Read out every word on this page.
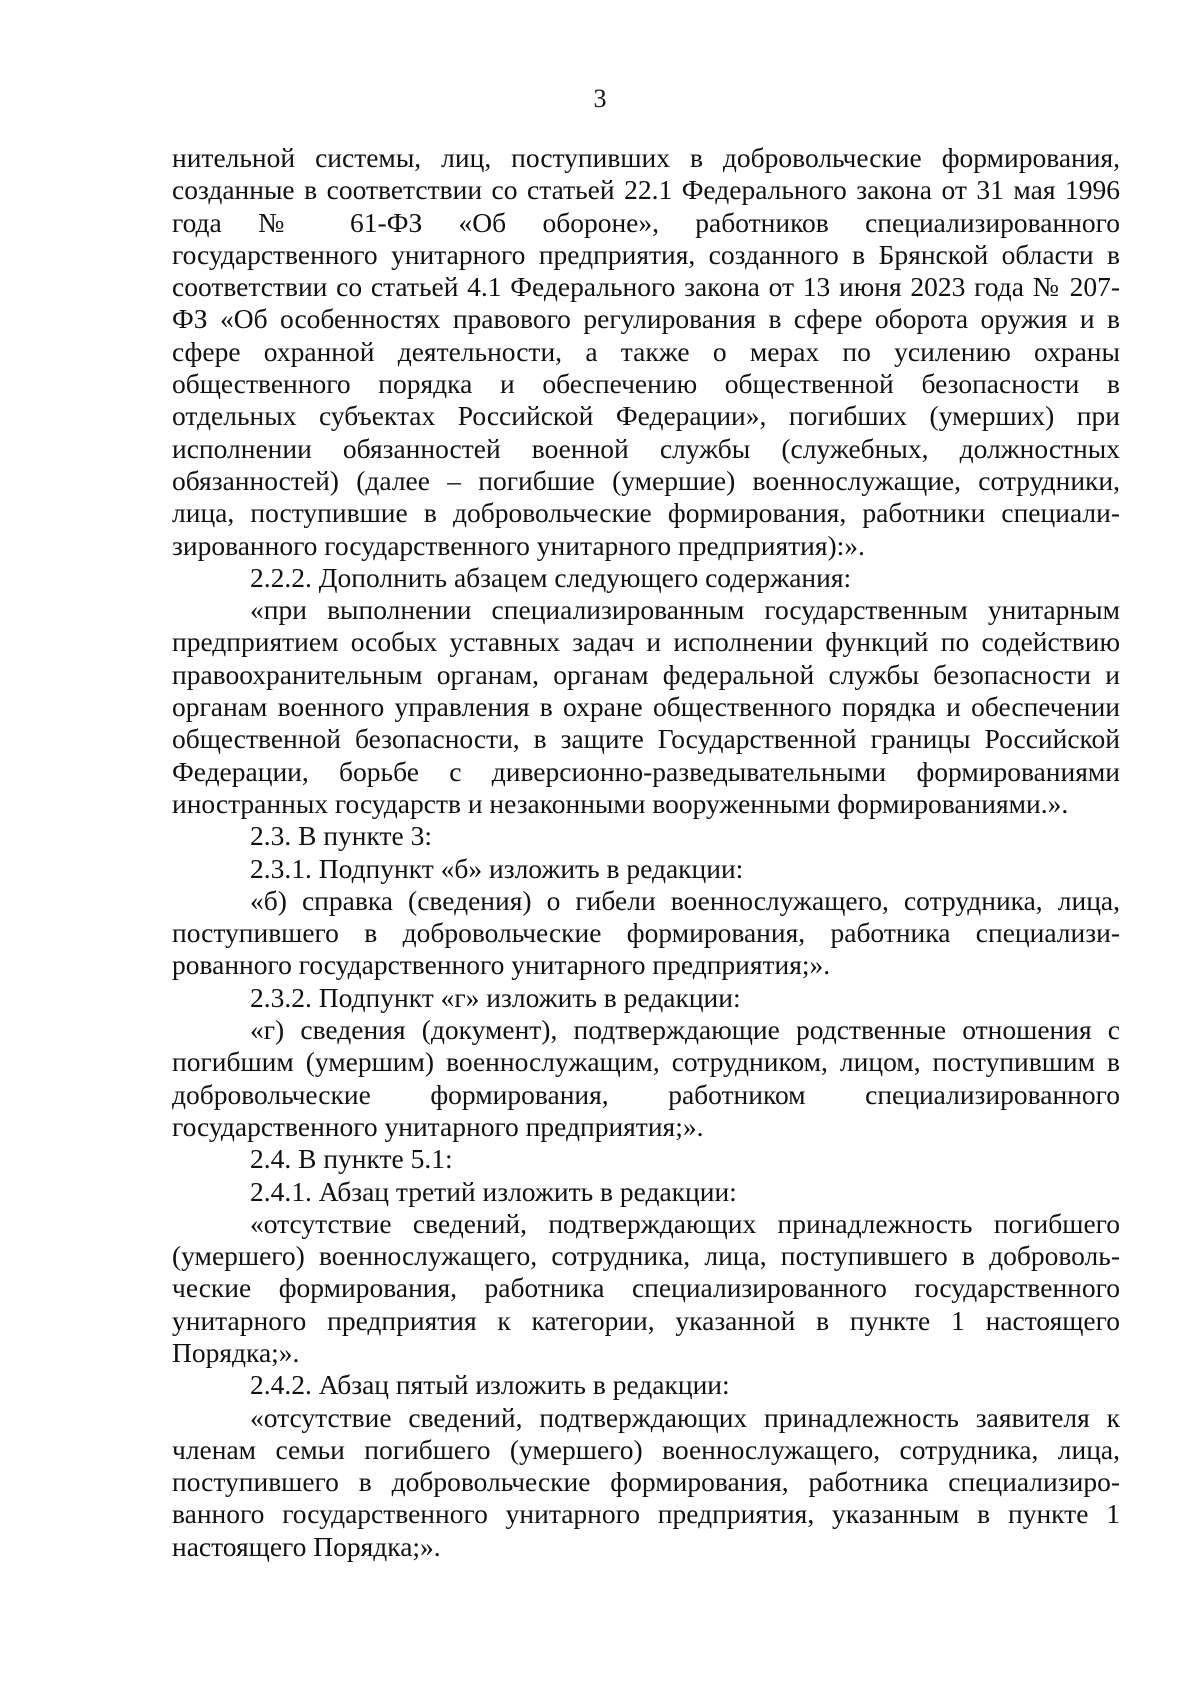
3

нительной системы, лиц, поступивших в добровольческие формирования, созданные в соответствии со статьей 22.1 Федерального закона от 31 мая 1996 года № 61-ФЗ «Об обороне», работников специализированного государственного унитарного предприятия, созданного в Брянской области в соответствии со статьей 4.1 Федерального закона от 13 июня 2023 года № 207-ФЗ «Об особенностях правового регулирования в сфере оборота оружия и в сфере охранной деятельности, а также о мерах по усилению охраны общественного порядка и обеспечению общественной безопасности в отдельных субъектах Российской Федерации», погибших (умерших) при исполнении обязанностей военной службы (служебных, должностных обязанностей) (далее – погибшие (умершие) военнослужащие, сотрудники, лица, поступившие в добровольческие формирования, работники специализированного государственного унитарного предприятия):».

2.2.2. Дополнить абзацем следующего содержания:

«при выполнении специализированным государственным унитарным предприятием особых уставных задач и исполнении функций по содействию правоохранительным органам, органам федеральной службы безопасности и органам военного управления в охране общественного порядка и обеспечении общественной безопасности, в защите Государственной границы Российской Федерации, борьбе с диверсионно-разведывательными формированиями иностранных государств и незаконными вооруженными формированиями.».

2.3. В пункте 3:

2.3.1. Подпункт «б» изложить в редакции:

«б) справка (сведения) о гибели военнослужащего, сотрудника, лица, поступившего в добровольческие формирования, работника специализированного государственного унитарного предприятия;».

2.3.2. Подпункт «г» изложить в редакции:

«г) сведения (документ), подтверждающие родственные отношения с погибшим (умершим) военнослужащим, сотрудником, лицом, поступившим в добровольческие формирования, работником специализированного государственного унитарного предприятия;».

2.4. В пункте 5.1:

2.4.1. Абзац третий изложить в редакции:

«отсутствие сведений, подтверждающих принадлежность погибшего (умершего) военнослужащего, сотрудника, лица, поступившего в добровольческие формирования, работника специализированного государственного унитарного предприятия к категории, указанной в пункте 1 настоящего Порядка;».

2.4.2. Абзац пятый изложить в редакции:

«отсутствие сведений, подтверждающих принадлежность заявителя к членам семьи погибшего (умершего) военнослужащего, сотрудника, лица, поступившего в добровольческие формирования, работника специализированного государственного унитарного предприятия, указанным в пункте 1 настоящего Порядка;».
